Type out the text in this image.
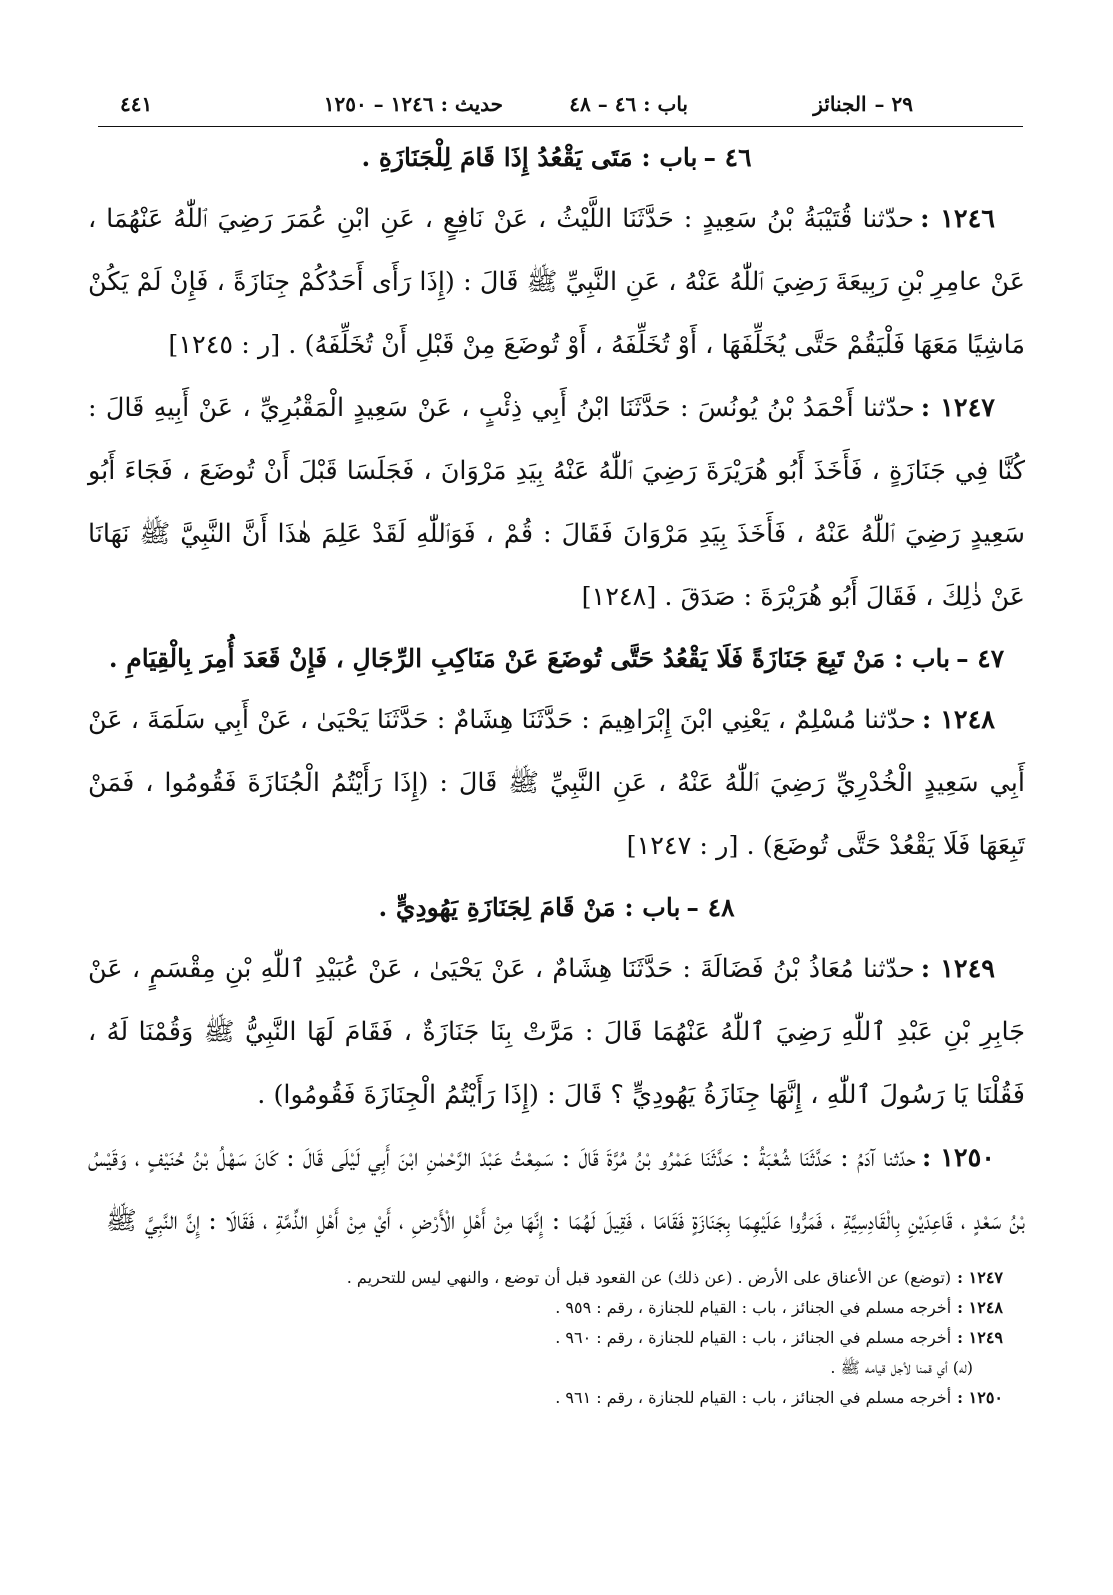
٢٩ –الجنائز
باب : ٤٦ – ٤٨
حديث : ١٢٤٦ – ١٢٥٠
٤٤١

٤٦ –باب : مَتَى يَقْعُدُ إِذَا قَامَ لِلْجَنَازَةِ .

١٢٤٦ :حدّثنا قُتَيْبَةُ بْنُ سَعِيدٍ : حَدَّثَنَا اللَّيْثُ ، عَنْ نَافِعٍ ، عَنِ ابْنِ عُمَرَ رَضِيَ ٱللّٰهُ عَنْهُمَا ، عَنْ عامِرِ بْنِ رَبِيعَةَ رَضِيَ ٱللّٰهُ عَنْهُ ، عَنِ النَّبِيِّ ﷺ قَالَ : (إِذَا رَأَى أَحَدُكُمْ جِنَازَةً ، فَإِنْ لَمْ يَكُنْ مَاشِيًا مَعَهَا فَلْيَقُمْ حَتَّى يُخَلِّفَهَا ، أَوْ تُخَلِّفَهُ ، أَوْ تُوضَعَ مِنْ قَبْلِ أَنْ تُخَلِّفَهُ) . [ر : ١٢٤٥]

١٢٤٧ :حدّثنا أَحْمَدُ بْنُ يُونُسَ : حَدَّثَنَا ابْنُ أَبِي ذِئْبٍ ، عَنْ سَعِيدٍ الْمَقْبُرِيِّ ، عَنْ أَبِيهِ قَالَ : كُنَّا فِي جَنَازَةٍ ، فَأَخَذَ أَبُو هُرَيْرَةَ رَضِيَ ٱللّٰهُ عَنْهُ بِيَدِ مَرْوَانَ ، فَجَلَسَا قَبْلَ أَنْ تُوضَعَ ، فَجَاءَ أَبُو سَعِيدٍ رَضِيَ ٱللّٰهُ عَنْهُ ، فَأَخَذَ بِيَدِ مَرْوَانَ فَقَالَ : قُمْ ، فَوَٱللّٰهِ لَقَدْ عَلِمَ هٰذَا أَنَّ النَّبِيَّ ﷺ نَهَانَا عَنْ ذٰلِكَ ، فَقَالَ أَبُو هُرَيْرَةَ : صَدَقَ . [١٢٤٨]

٤٧ –باب : مَنْ تَبِعَ جَنَازَةً فَلَا يَقْعُدُ حَتَّى تُوضَعَ عَنْ مَنَاكِبِ الرِّجَالِ ، فَإِنْ قَعَدَ أُمِرَ بِالْقِيَامِ .

١٢٤٨ :حدّثنا مُسْلِمٌ ، يَعْنِي ابْنَ إِبْرَاهِيمَ : حَدَّثَنَا هِشَامٌ : حَدَّثَنَا يَحْيَىٰ ، عَنْ أَبِي سَلَمَةَ ، عَنْ أَبِي سَعِيدٍ الْخُدْرِيِّ رَضِيَ ٱللّٰهُ عَنْهُ ، عَنِ النَّبِيِّ ﷺ قَالَ : (إِذَا رَأَيْتُمُ الْجُنَازَةَ فَقُومُوا ، فَمَنْ تَبِعَهَا فَلَا يَقْعُدْ حَتَّى تُوضَعَ) . [ر : ١٢٤٧]

٤٨ –باب : مَنْ قَامَ لِجَنَازَةِ يَهُودِيٍّ .

١٢٤٩ :حدّثنا مُعَاذُ بْنُ فَضَالَةَ : حَدَّثَنَا هِشَامٌ ، عَنْ يَحْيَىٰ ، عَنْ عُبَيْدِ ٱللّٰهِ بْنِ مِقْسَمٍ ، عَنْ جَابِرِ بْنِ عَبْدِ ٱللّٰهِ رَضِيَ ٱللّٰهُ عَنْهُمَا قَالَ : مَرَّتْ بِنَا جَنَازَةٌ ، فَقَامَ لَهَا النَّبِيُّ ﷺ وَقُمْنَا لَهُ ، فَقُلْنَا يَا رَسُولَ ٱللّٰهِ ، إِنَّهَا جِنَازَةُ يَهُودِيٍّ ؟ قَالَ : (إِذَا رَأَيْتُمُ الْجِنَازَةَ فَقُومُوا) .

١٢٥٠ :حدّثنا آدَمُ : حَدَّثَنَا شُعْبَةُ : حَدَّثَنَا عَمْرُو بْنُ مُرَّةَ قَالَ : سَمِعْتُ عَبْدَ الرَّحْمٰنِ ابْنَ أَبِي لَيْلَى قَالَ : كَانَ سَهْلُ بْنُ حُنَيْفٍ ، وَقَيْسُ بْنُ سَعْدٍ ، قَاعِدَيْنِ بِالْقَادِسِيَّةِ ، فَمَرُّوا عَلَيْهِمَا بِجَنَازَةٍ فَقَامَا ، فَقِيلَ لَهُمَا : إِنَّهَا مِنْ أَهْلِ الْأَرْضِ ، أَيْ مِنْ أَهْلِ الذِّمَّةِ ، فَقَالَا : إِنَّ النَّبِيَّ ﷺ

١٢٤٧ :(توضع) عن الأعناق على الأرض . (عن ذلك) عن القعود قبل أن توضع ، والنهي ليس للتحريم .

١٢٤٨ :أخرجه مسلم في الجنائز ، باب : القيام للجنازة ، رقم : ٩٥٩ .

١٢٤٩ :أخرجه مسلم في الجنائز ، باب : القيام للجنازة ، رقم : ٩٦٠ .

(له) أي قمنا لأجل قيامه ﷺ .

١٢٥٠ :أخرجه مسلم في الجنائز ، باب : القيام للجنازة ، رقم : ٩٦١ .
